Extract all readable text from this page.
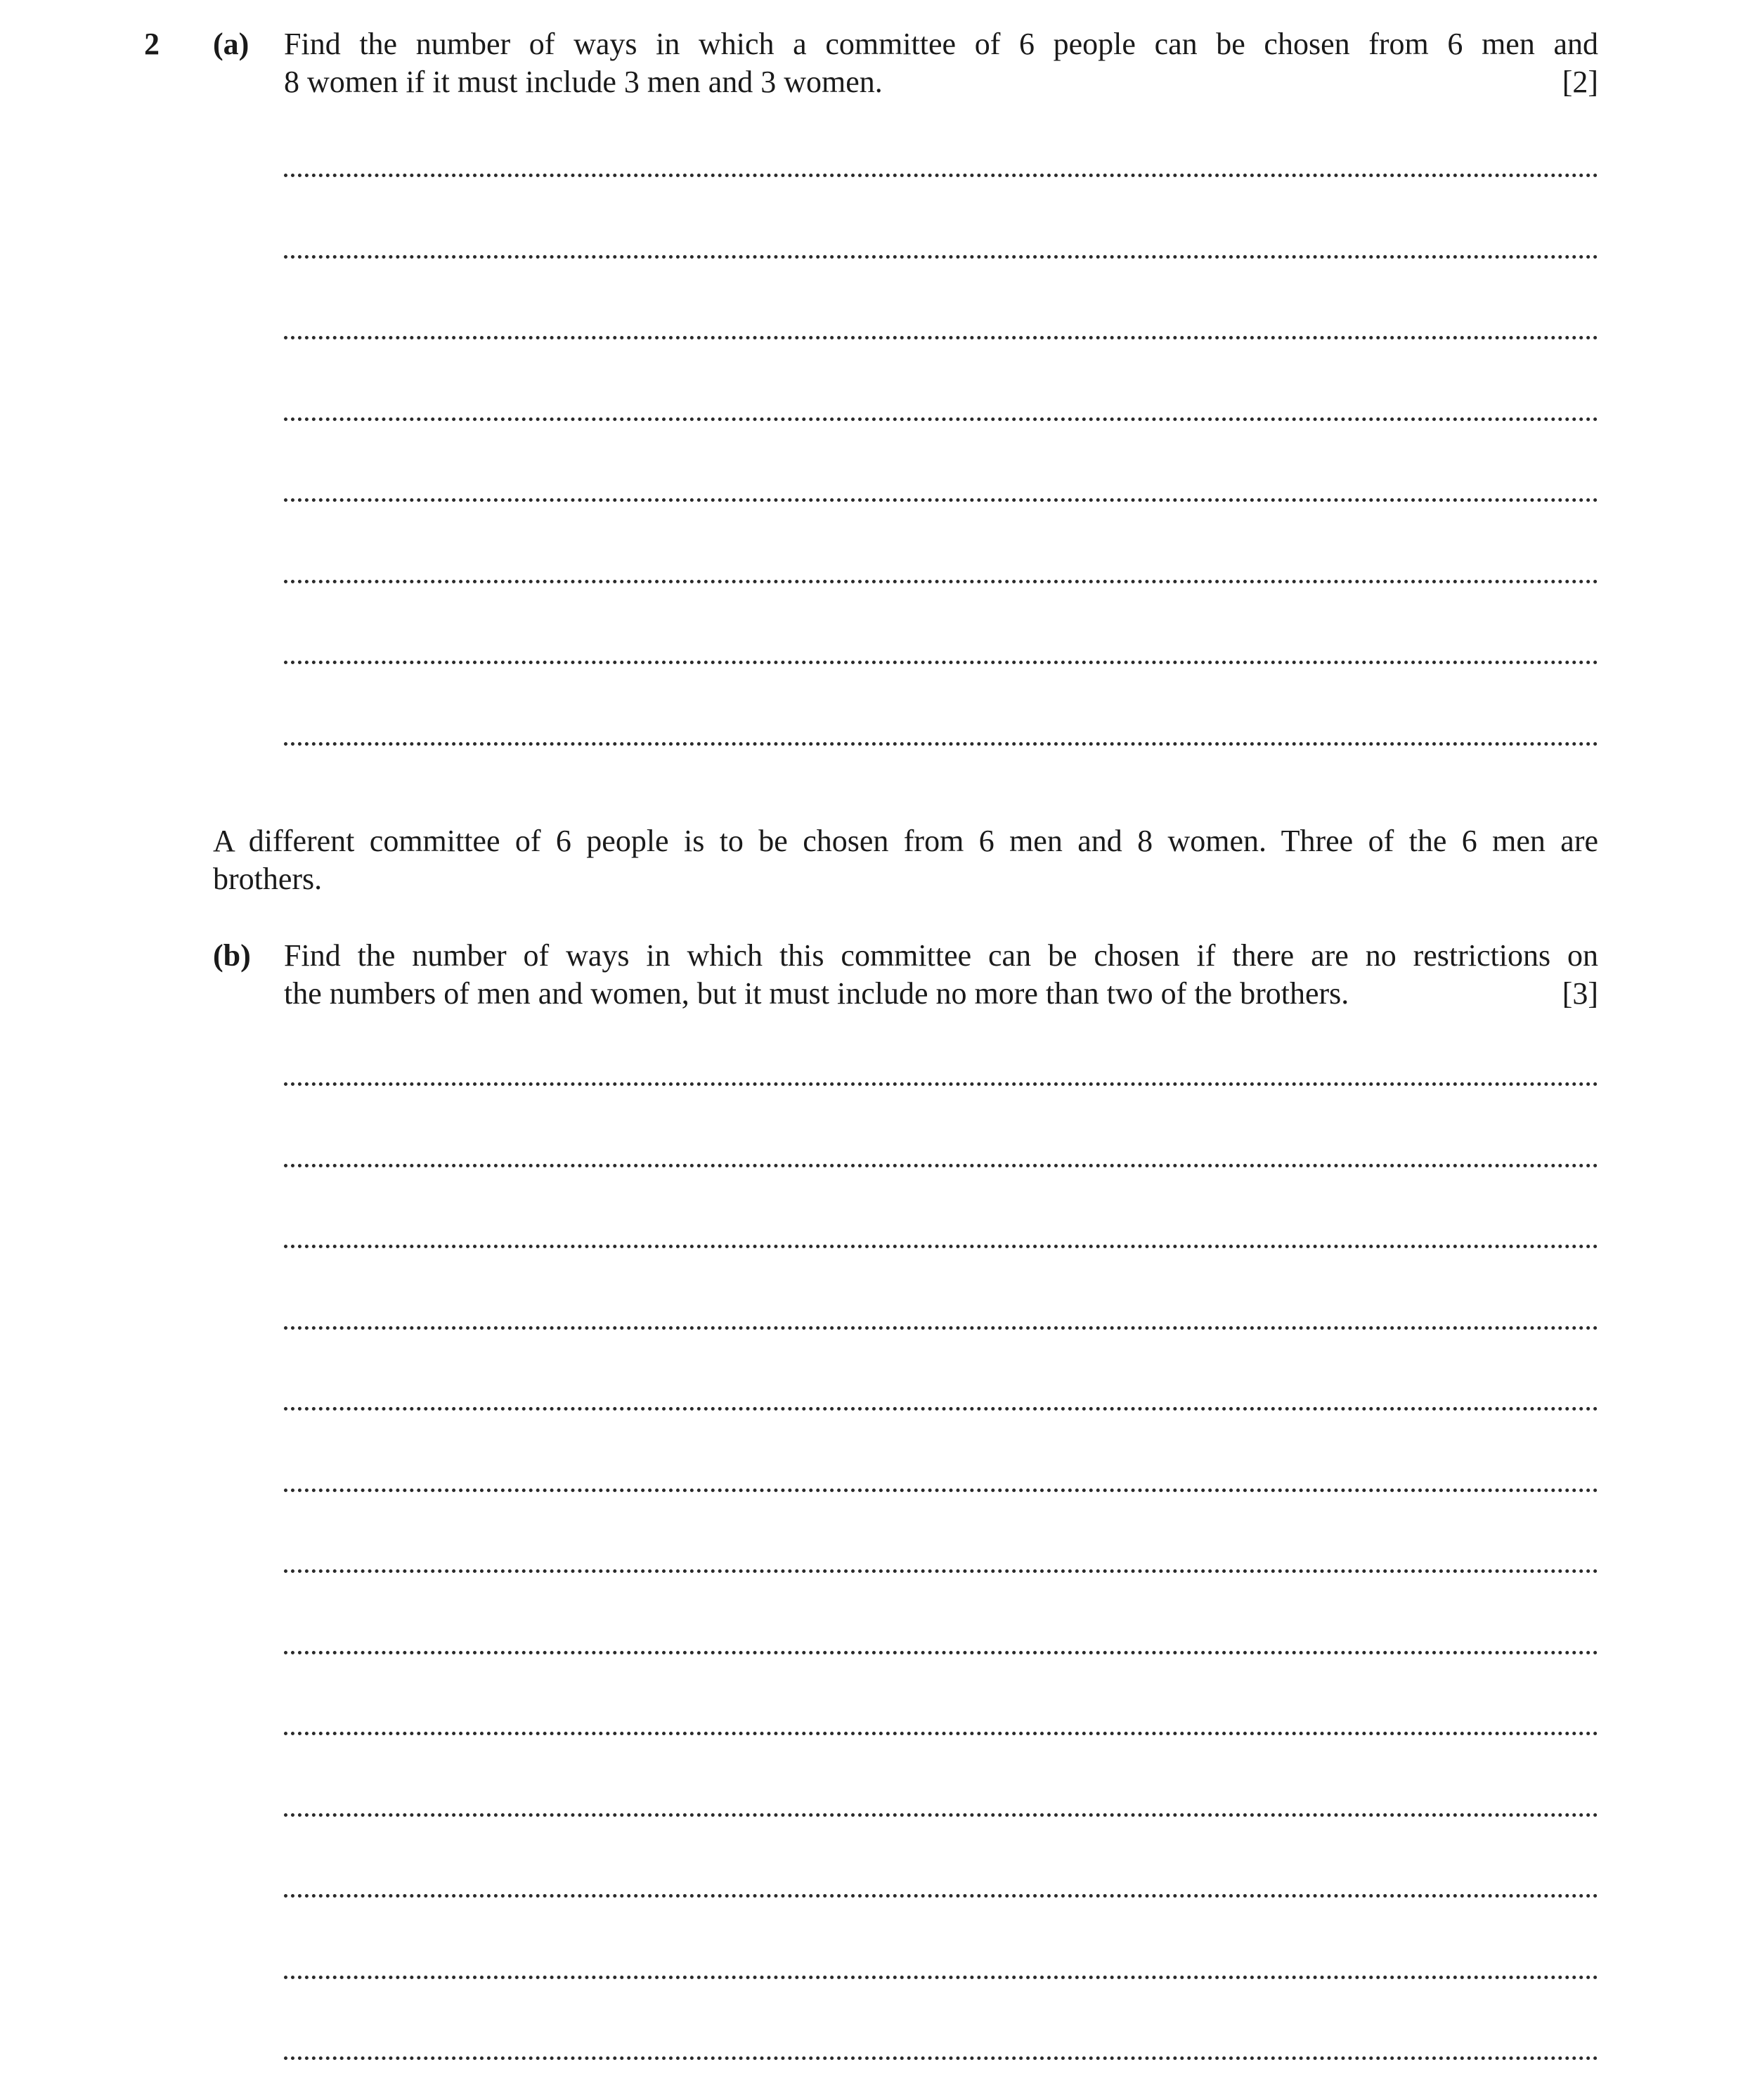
2 (a) Find the number of ways in which a committee of 6 people can be chosen from 6 men and
8 women if it must include 3 men and 3 women.	[2]
A different committee of 6 people is to be chosen from 6 men and 8 women. Three of the 6 men are
brothers.
(b) Find the number of ways in which this committee can be chosen if there are no restrictions on
the numbers of men and women, but it must include no more than two of the brothers.	[3]
